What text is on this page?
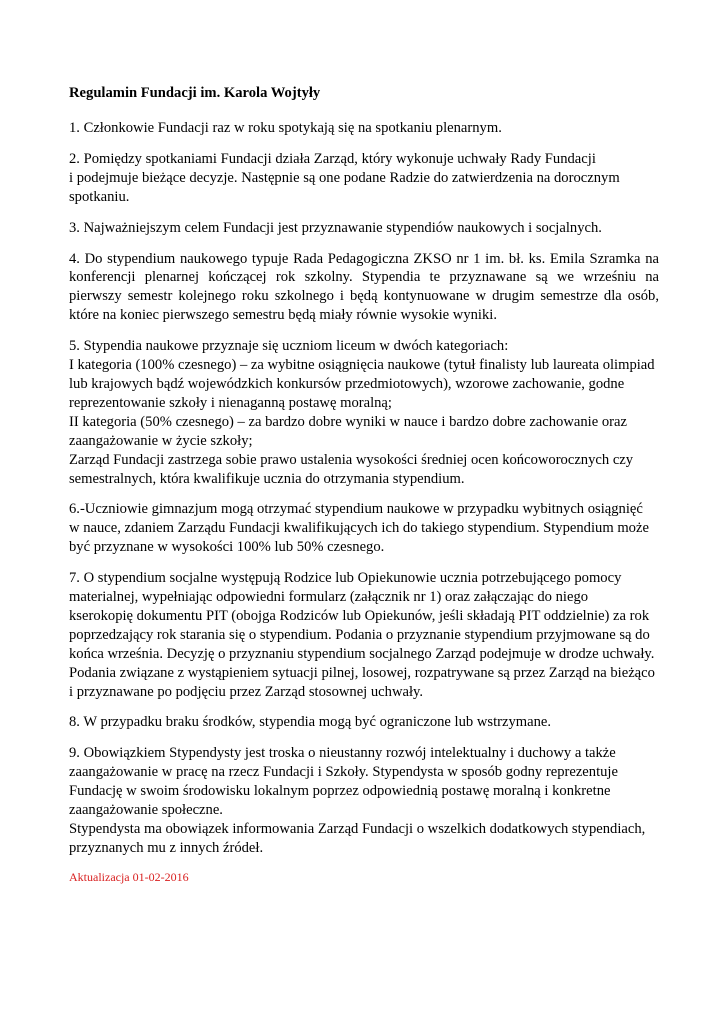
Regulamin Fundacji im. Karola Wojtyły
1. Członkowie Fundacji raz w roku spotykają się na spotkaniu plenarnym.
2. Pomiędzy spotkaniami Fundacji działa Zarząd, który wykonuje uchwały Rady Fundacji
i podejmuje bieżące decyzje. Następnie są one podane Radzie do zatwierdzenia na dorocznym
spotkaniu.
3. Najważniejszym celem Fundacji jest przyznawanie stypendiów naukowych i socjalnych.
4. Do stypendium naukowego typuje Rada Pedagogiczna ZKSO nr 1 im. bł. ks. Emila Szramka na
konferencji plenarnej kończącej rok szkolny. Stypendia te przyznawane są we wrześniu na
pierwszy semestr kolejnego roku szkolnego i będą kontynuowane w drugim semestrze dla osób,
które na koniec pierwszego semestru będą miały równie wysokie wyniki.
5. Stypendia naukowe przyznaje się uczniom liceum w dwóch kategoriach:
I kategoria (100% czesnego) – za wybitne osiągnięcia naukowe (tytuł finalisty lub laureata olimpiad
lub krajowych bądź wojewódzkich konkursów przedmiotowych), wzorowe zachowanie, godne
reprezentowanie szkoły i nienaganną postawę moralną;
II kategoria (50% czesnego) – za bardzo dobre wyniki w nauce i bardzo dobre zachowanie oraz
zaangażowanie w życie szkoły;
Zarząd Fundacji zastrzega sobie prawo ustalenia wysokości średniej ocen końcoworocznych czy
semestralnych, która kwalifikuje ucznia do otrzymania stypendium.
6.-Uczniowie gimnazjum mogą otrzymać stypendium naukowe w przypadku wybitnych osiągnięć
w nauce, zdaniem Zarządu Fundacji kwalifikujących ich do takiego stypendium. Stypendium może
być przyznane w wysokości 100% lub 50% czesnego.
7. O stypendium socjalne występują Rodzice lub Opiekunowie ucznia potrzebującego pomocy
materialnej, wypełniając odpowiedni formularz (załącznik nr 1) oraz załączając do niego
kserokopię dokumentu PIT (obojga Rodziców lub Opiekunów, jeśli składają PIT oddzielnie) za rok
poprzedzający rok starania się o stypendium. Podania o przyznanie stypendium przyjmowane są do
końca września. Decyzję o przyznaniu stypendium socjalnego Zarząd podejmuje w drodze uchwały.
Podania związane z wystąpieniem sytuacji pilnej, losowej, rozpatrywane są przez Zarząd na bieżąco
i przyznawane po podjęciu przez Zarząd stosownej uchwały.
8. W przypadku braku środków, stypendia mogą być ograniczone lub wstrzymane.
9. Obowiązkiem Stypendysty jest troska o nieustanny rozwój intelektualny i duchowy a także
zaangażowanie w pracę na rzecz Fundacji i Szkoły. Stypendysta w sposób godny reprezentuje
Fundację w swoim środowisku lokalnym poprzez odpowiednią postawę moralną i konkretne
zaangażowanie społeczne.
Stypendysta ma obowiązek informowania Zarząd Fundacji o wszelkich dodatkowych stypendiach,
przyznanych mu z innych źródeł.
Aktualizacja 01-02-2016
